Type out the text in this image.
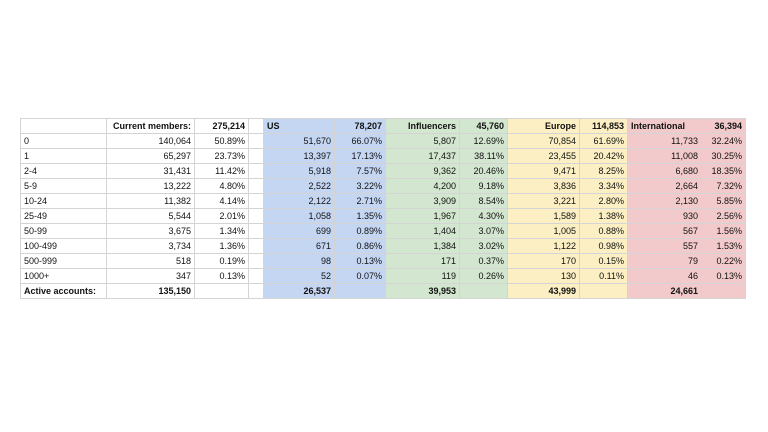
	Current members:	275,214		US	78,207	Influencers	45,760	Europe	114,853	International	36,394
0	140,064	50.89%		51,670	66.07%	5,807	12.69%	70,854	61.69%	11,733	32.24%
1	65,297	23.73%		13,397	17.13%	17,437	38.11%	23,455	20.42%	11,008	30.25%
2-4	31,431	11.42%		5,918	7.57%	9,362	20.46%	9,471	8.25%	6,680	18.35%
5-9	13,222	4.80%		2,522	3.22%	4,200	9.18%	3,836	3.34%	2,664	7.32%
10-24	11,382	4.14%		2,122	2.71%	3,909	8.54%	3,221	2.80%	2,130	5.85%
25-49	5,544	2.01%		1,058	1.35%	1,967	4.30%	1,589	1.38%	930	2.56%
50-99	3,675	1.34%		699	0.89%	1,404	3.07%	1,005	0.88%	567	1.56%
100-499	3,734	1.36%		671	0.86%	1,384	3.02%	1,122	0.98%	557	1.53%
500-999	518	0.19%		98	0.13%	171	0.37%	170	0.15%	79	0.22%
1000+	347	0.13%		52	0.07%	119	0.26%	130	0.11%	46	0.13%
Active accounts:	135,150			26,537		39,953		43,999		24,661	
